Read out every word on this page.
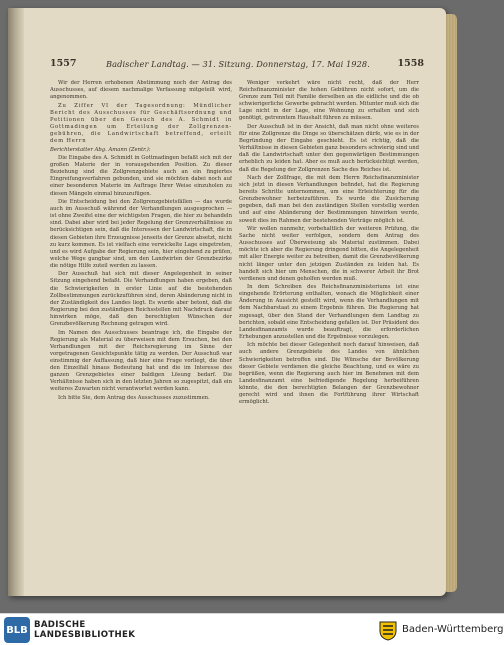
1557	Badischer Landtag. — 31. Sitzung. Donnerstag, 17. Mai 1928.	1558

Wir der Herren erhobenen Abstimmung noch der Antrag des Ausschusses, auf diesem nachmalige Verfassung mitgeteilt wird, angenommen.

Zu Ziffer VI der Tagesordnung: Mündlicher Bericht des Ausschusses für Geschäftsordnung und Petitionen über den Gesuch des A. Schmidt in Gottmadingen um Erteilung der Zollgrenzen-gebühren, die Landwirtschaft betreffend, erteilt dem Herrn

Berichterstatter Abg. Amann (Zentr.):

Die Eingabe des A. Schmidt in Gottmadingen befaßt sich mit der großen Materie der in vorausgehenden Position. Zu dieser Beziehung sind die Zollgrenzgebiete auch an ein fingiertes Eingreifungsverfahren gebunden, und sie möchten dabei noch auf einer besonderen Materie im Auftrage Ihrer Weise einzuholen zu diesen Mängeln einmal hinzuzufügen.

Die Entscheidung bei den Zollgrenzgebietsfällen — das wurde auch im Ausschuß während der Verhandlungen ausgesprochen — ist ohne Zweifel eine der wichtigsten Fragen, die hier zu behandeln sind. Dabei aber wird bei jeder Regelung der Grenzverhältnisse zu berücksichtigen sein, daß die Interessen der Landwirtschaft, die in diesen Gebieten ihre Erzeugnisse jenseits der Grenze absetzt, nicht zu kurz kommen. Es ist vielfach eine verwickelte Lage eingetreten, und es wird Aufgabe der Regierung sein, hier eingehend zu prüfen, welche Wege gangbar sind, um den Landwirten der Grenzbezirke die nötige Hilfe zuteil werden zu lassen.

Der Ausschuß hat sich mit dieser Angelegenheit in seiner Sitzung eingehend befaßt. Die Verhandlungen haben ergeben, daß die Schwierigkeiten in erster Linie auf die bestehenden Zollbestimmungen zurückzuführen sind, deren Abänderung nicht in der Zuständigkeit des Landes liegt. Es wurde aber betont, daß die Regierung bei den zuständigen Reichsstellen mit Nachdruck darauf hinwirken möge, daß den berechtigten Wünschen der Grenzbevölkerung Rechnung getragen wird.

Im Namen des Ausschusses beantrage ich, die Eingabe der Regierung als Material zu überweisen mit dem Ersuchen, bei den Verhandlungen mit der Reichsregierung im Sinne der vorgetragenen Gesichtspunkte tätig zu werden. Der Ausschuß war einstimmig der Auffassung, daß hier eine Frage vorliegt, die über den Einzelfall hinaus Bedeutung hat und die im Interesse des ganzen Grenzgebietes einer baldigen Lösung bedarf. Die Verhältnisse haben sich in den letzten Jahren so zugespitzt, daß ein weiteres Zuwarten nicht verantwortet werden kann.

Ich bitte Sie, dem Antrag des Ausschusses zuzustimmen.

Weniger verkehrt wäre nicht recht, daß der Herr Reichsfinanzminister die hohen Gebühren nicht sofort, um die Grenze zum Teil mit Familie derselben an die eidliche und die ob schwierigerliche Gewerbe gebracht werden. Mitunter muß sich die Lage nicht in der Lage, eine Wohnung zu erhalten und sich genötigt, getrenntem Haushalt führen zu müssen.

Der Ausschuß ist in der Ansicht, daß man nicht ohne weiteres für eine Zollgrenze die Dinge so überschätzen dürfe, wie es in der Begründung der Eingabe geschieht. Es ist richtig, daß die Verhältnisse in diesen Gebieten ganz besonders schwierig sind und daß die Landwirtschaft unter den gegenwärtigen Bestimmungen erheblich zu leiden hat. Aber es muß auch berücksichtigt werden, daß die Regelung der Zollgrenzen Sache des Reiches ist.

Nach der Zollfrage, die mit dem Herrn Reichsfinanzminister sich jetzt in diesen Verhandlungen befindet, hat die Regierung bereits Schritte unternommen, um eine Erleichterung für die Grenzbewohner herbeizuführen. Es wurde die Zusicherung gegeben, daß man bei den zuständigen Stellen vorstellig werden und auf eine Abänderung der Bestimmungen hinwirken werde, soweit dies im Rahmen der bestehenden Verträge möglich ist.

Wir wollen nunmehr, vorbehaltlich der weiteren Prüfung, die Sache nicht weiter verfolgen, sondern dem Antrag des Ausschusses auf Überweisung als Material zustimmen. Dabei möchte ich aber die Regierung dringend bitten, die Angelegenheit mit aller Energie weiter zu betreiben, damit die Grenzbevölkerung nicht länger unter den jetzigen Zuständen zu leiden hat. Es handelt sich hier um Menschen, die in schwerer Arbeit ihr Brot verdienen und denen geholfen werden muß.

In dem Schreiben des Reichsfinanzministeriums ist eine eingehende Erörterung enthalten, wonach die Möglichkeit einer Änderung in Aussicht gestellt wird, wenn die Verhandlungen mit dem Nachbarstaat zu einem Ergebnis führen. Die Regierung hat zugesagt, über den Stand der Verhandlungen dem Landtag zu berichten, sobald eine Entscheidung gefallen ist. Der Präsident des Landesfinanzamts wurde beauftragt, die erforderlichen Erhebungen anzustellen und die Ergebnisse vorzulegen.

Ich möchte bei dieser Gelegenheit noch darauf hinweisen, daß auch andere Grenzgebiete des Landes von ähnlichen Schwierigkeiten betroffen sind. Die Wünsche der Bevölkerung dieser Gebiete verdienen die gleiche Beachtung, und es wäre zu begrüßen, wenn die Regierung auch hier im Benehmen mit dem Landesfinanzamt eine befriedigende Regelung herbeiführen könnte, die den berechtigten Belangen der Grenzbewohner gerecht wird und ihnen die Fortführung ihrer Wirtschaft ermöglicht.

BLB BADISCHE
LANDESBIBLIOTHEK	Baden-Württemberg
